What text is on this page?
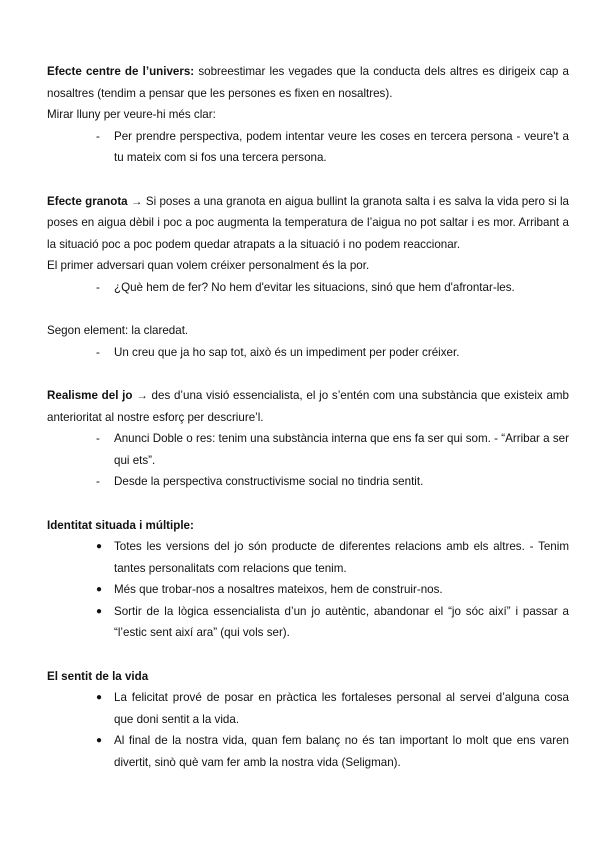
Efecte centre de l’univers: sobreestimar les vegades que la conducta dels altres es dirigeix cap a nosaltres (tendim a pensar que les persones es fixen en nosaltres).

Mirar lluny per veure-hi més clar:

- Per prendre perspectiva, podem intentar veure les coses en tercera persona - veure't a tu mateix com si fos una tercera persona.

Efecte granota → Si poses a una granota en aigua bullint la granota salta i es salva la vida pero si la poses en aigua dèbil i poc a poc augmenta la temperatura de l’aigua no pot saltar i es mor. Arribant a la situació poc a poc podem quedar atrapats a la situació i no podem reaccionar.

El primer adversari quan volem créixer personalment és la por.

- ¿Què hem de fer? No hem d'evitar les situacions, sinó que hem d'afrontar-les.

Segon element: la claredat.

- Un creu que ja ho sap tot, això és un impediment per poder créixer.

Realisme del jo → des d’una visió essencialista, el jo s’entén com una substància que existeix amb anterioritat al nostre esforç per descriure’l.

- Anunci Doble o res: tenim una substància interna que ens fa ser qui som. - “Arribar a ser qui ets”.
- Desde la perspectiva constructivisme social no tindria sentit.

Identitat situada i múltiple:

● Totes les versions del jo són producte de diferentes relacions amb els altres. - Tenim tantes personalitats com relacions que tenim.
● Més que trobar-nos a nosaltres mateixos, hem de construir-nos.
● Sortir de la lògica essencialista d’un jo autèntic, abandonar el “jo sóc així” i passar a “l’estic sent així ara” (qui vols ser).

El sentit de la vida

● La felicitat prové de posar en pràctica les fortaleses personal al servei d’alguna cosa que doni sentit a la vida.
● Al final de la nostra vida, quan fem balanç no és tan important lo molt que ens varen divertit, sinò què vam fer amb la nostra vida (Seligman).
